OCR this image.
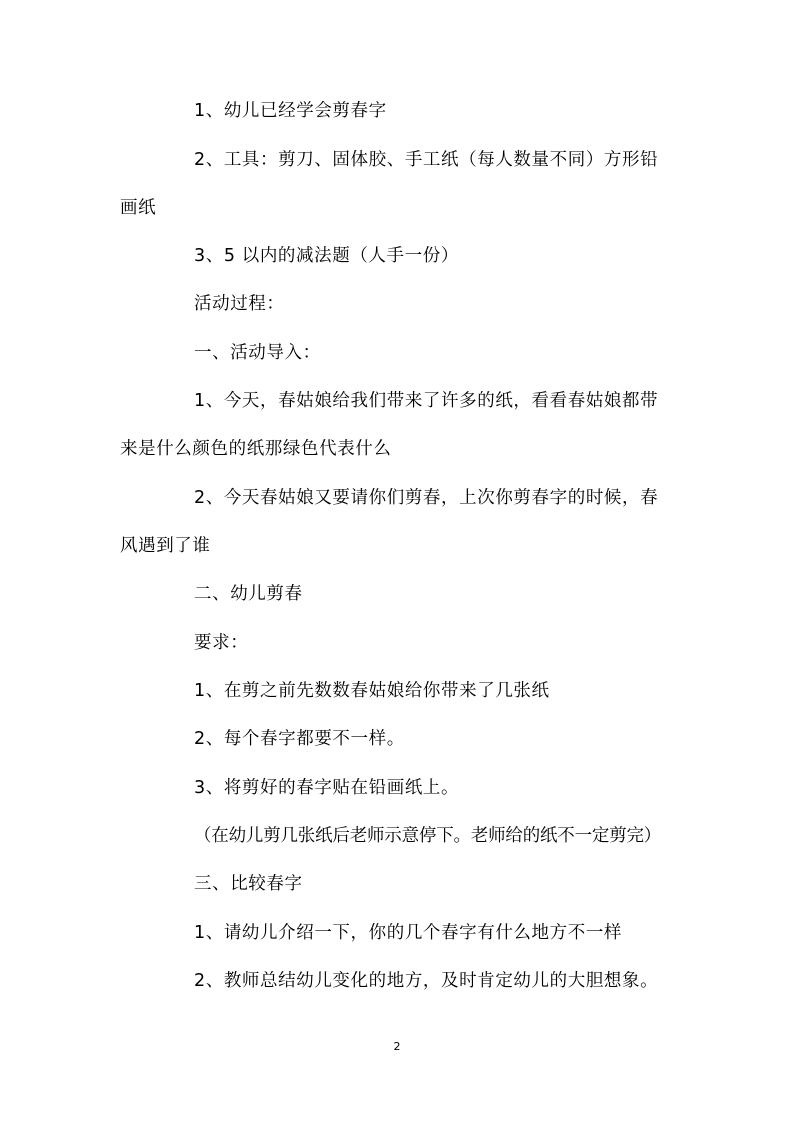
1、幼儿已经学会剪春字
2、工具：剪刀、固体胶、手工纸（每人数量不同）方形铅
画纸
3、5 以内的减法题（人手一份）
活动过程：
一、活动导入：
1、今天，春姑娘给我们带来了许多的纸，看看春姑娘都带
来是什么颜色的纸那绿色代表什么
2、今天春姑娘又要请你们剪春，上次你剪春字的时候，春
风遇到了谁
二、幼儿剪春
要求：
1、在剪之前先数数春姑娘给你带来了几张纸
2、每个春字都要不一样。
3、将剪好的春字贴在铅画纸上。
（在幼儿剪几张纸后老师示意停下。老师给的纸不一定剪完）
三、比较春字
1、请幼儿介绍一下，你的几个春字有什么地方不一样
2、教师总结幼儿变化的地方，及时肯定幼儿的大胆想象。
2
